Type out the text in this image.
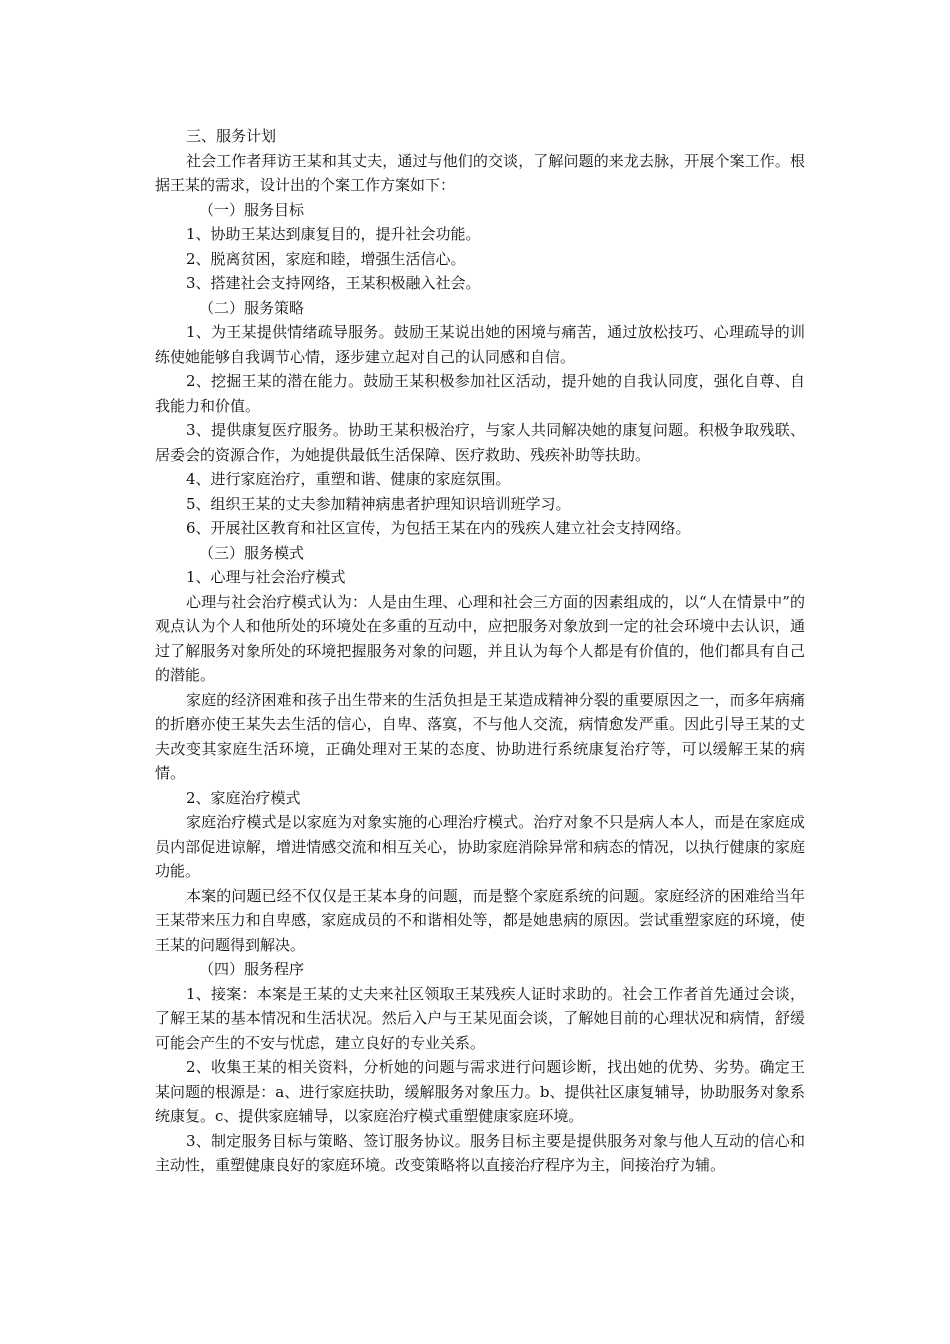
三、服务计划

社会工作者拜访王某和其丈夫，通过与他们的交谈，了解问题的来龙去脉，开展个案工作。根据王某的需求，设计出的个案工作方案如下：

（一）服务目标

1、协助王某达到康复目的，提升社会功能。

2、脱离贫困，家庭和睦，增强生活信心。

3、搭建社会支持网络，王某积极融入社会。

（二）服务策略

1、为王某提供情绪疏导服务。鼓励王某说出她的困境与痛苦，通过放松技巧、心理疏导的训练使她能够自我调节心情，逐步建立起对自己的认同感和自信。

2、挖掘王某的潜在能力。鼓励王某积极参加社区活动，提升她的自我认同度，强化自尊、自我能力和价值。

3、提供康复医疗服务。协助王某积极治疗，与家人共同解决她的康复问题。积极争取残联、居委会的资源合作，为她提供最低生活保障、医疗救助、残疾补助等扶助。

4、进行家庭治疗，重塑和谐、健康的家庭氛围。

5、组织王某的丈夫参加精神病患者护理知识培训班学习。

6、开展社区教育和社区宣传，为包括王某在内的残疾人建立社会支持网络。

（三）服务模式

1、心理与社会治疗模式

心理与社会治疗模式认为：人是由生理、心理和社会三方面的因素组成的，以“人在情景中”的观点认为个人和他所处的环境处在多重的互动中，应把服务对象放到一定的社会环境中去认识，通过了解服务对象所处的环境把握服务对象的问题，并且认为每个人都是有价值的，他们都具有自己的潜能。

家庭的经济困难和孩子出生带来的生活负担是王某造成精神分裂的重要原因之一，而多年病痛的折磨亦使王某失去生活的信心，自卑、落寞，不与他人交流，病情愈发严重。因此引导王某的丈夫改变其家庭生活环境，正确处理对王某的态度、协助进行系统康复治疗等，可以缓解王某的病情。

2、家庭治疗模式

家庭治疗模式是以家庭为对象实施的心理治疗模式。治疗对象不只是病人本人，而是在家庭成员内部促进谅解，增进情感交流和相互关心，协助家庭消除异常和病态的情况，以执行健康的家庭功能。

本案的问题已经不仅仅是王某本身的问题，而是整个家庭系统的问题。家庭经济的困难给当年王某带来压力和自卑感，家庭成员的不和谐相处等，都是她患病的原因。尝试重塑家庭的环境，使王某的问题得到解决。

（四）服务程序

1、接案：本案是王某的丈夫来社区领取王某残疾人证时求助的。社会工作者首先通过会谈，了解王某的基本情况和生活状况。然后入户与王某见面会谈，了解她目前的心理状况和病情，舒缓可能会产生的不安与忧虑，建立良好的专业关系。

2、收集王某的相关资料，分析她的问题与需求进行问题诊断，找出她的优势、劣势。确定王某问题的根源是：a、进行家庭扶助，缓解服务对象压力。b、提供社区康复辅导，协助服务对象系统康复。c、提供家庭辅导，以家庭治疗模式重塑健康家庭环境。

3、制定服务目标与策略、签订服务协议。服务目标主要是提供服务对象与他人互动的信心和主动性，重塑健康良好的家庭环境。改变策略将以直接治疗程序为主，间接治疗为辅。
